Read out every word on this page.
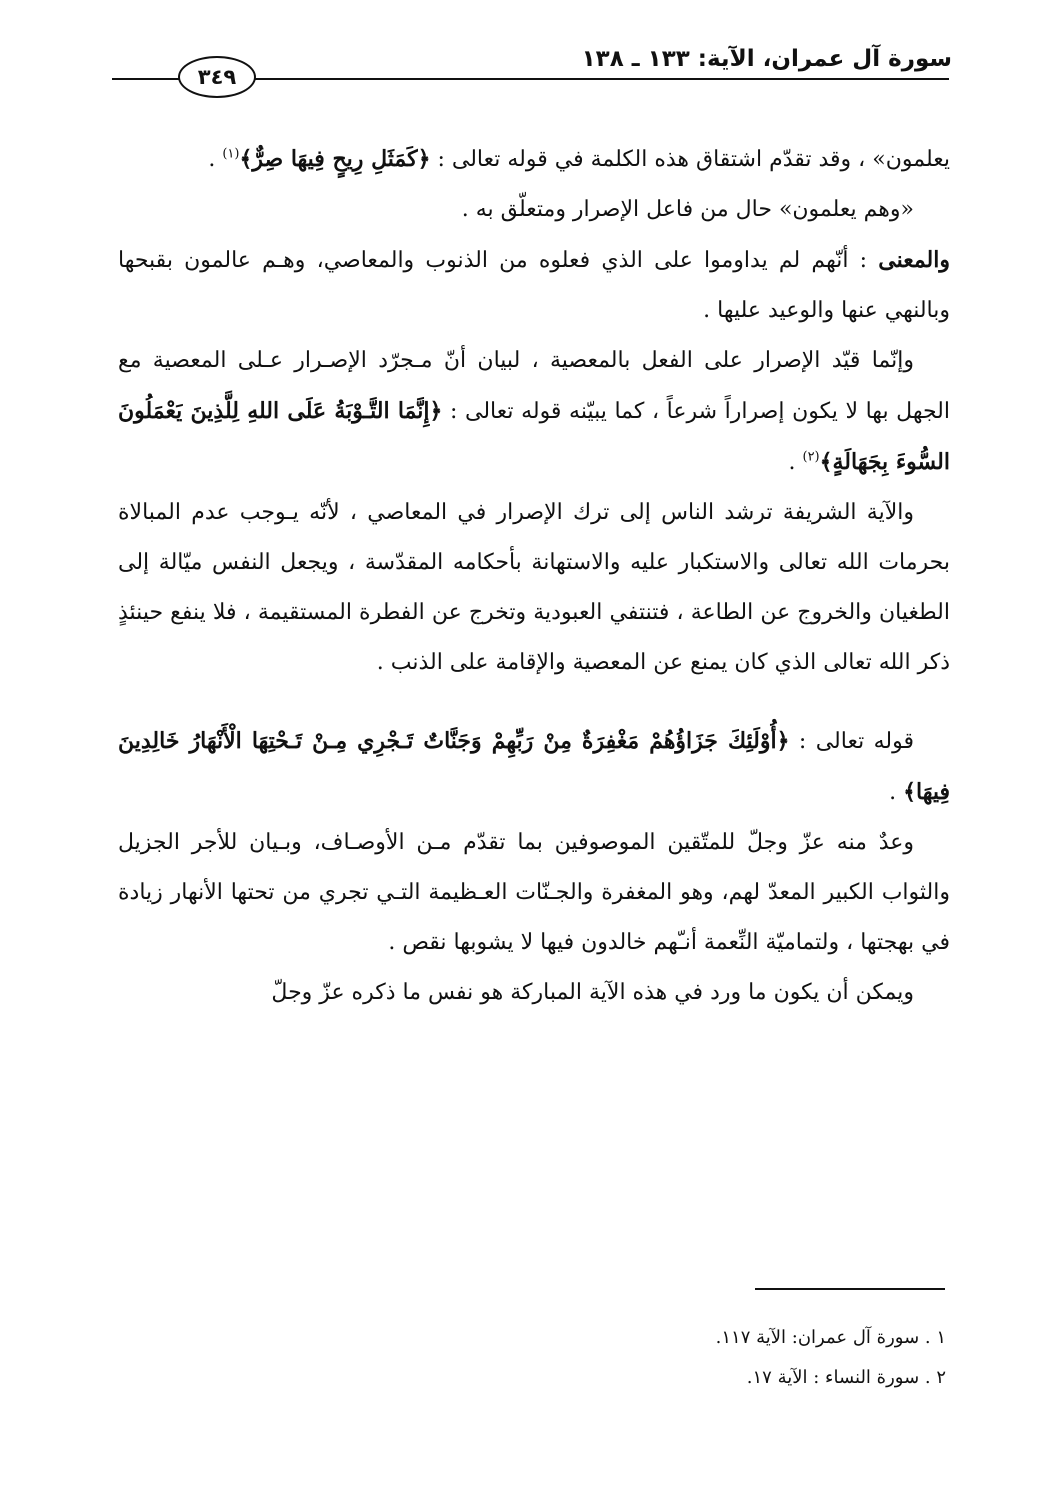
سورة آل عمران، الآية: ١٣٣ ـ ١٣٨
٣٤٩

يعلمون» ، وقد تقدّم اشتقاق هذه الكلمة في قوله تعالى : ﴿كَمَثَلِ رِيحٍ فِيهَا صِرٌّ﴾$^{(١)}$ .

«وهم يعلمون» حال من فاعل الإصرار ومتعلّق به .

والمعنى : أنّهم لم يداوموا على الذي فعلوه من الذنوب والمعاصي، وهـم عالمون بقبحها وبالنهي عنها والوعيد عليها .

وإنّما قيّد الإصرار على الفعل بالمعصية ، لبيان أنّ مـجرّد الإصـرار عـلى المعصية مع الجهل بها لا يكون إصراراً شرعاً ، كما يبيّنه قوله تعالى : ﴿إِنَّمَا التَّـوْبَةُ عَلَى اللهِ لِلَّذِينَ يَعْمَلُونَ السُّوءَ بِجَهَالَةٍ﴾$^{(٢)}$ .

والآية الشريفة ترشد الناس إلى ترك الإصرار في المعاصي ، لأنّه يـوجب عدم المبالاة بحرمات الله تعالى والاستكبار عليه والاستهانة بأحكامه المقدّسة ، ويجعل النفس ميّالة إلى الطغيان والخروج عن الطاعة ، فتنتفي العبودية وتخرج عن الفطرة المستقيمة ، فلا ينفع حينئذٍ ذكر الله تعالى الذي كان يمنع عن المعصية والإقامة على الذنب .

قوله تعالى : ﴿أُوْلَئِكَ جَزَاؤُهُمْ مَغْفِرَةٌ مِنْ رَبِّهِمْ وَجَنَّاتٌ تَـجْرِي مِـنْ تَـحْتِهَا الْأَنْهَارُ خَالِدِينَ فِيهَا﴾ .

وعدٌ منه عزّ وجلّ للمتّقين الموصوفين بما تقدّم مـن الأوصـاف، وبـيان للأجر الجزيل والثواب الكبير المعدّ لهم، وهو المغفرة والجـنّات العـظيمة التـي تجري من تحتها الأنهار زيادة في بهجتها ، ولتماميّة النِّعمة أنـّهم خالدون فيها لا يشوبها نقص .

ويمكن أن يكون ما ورد في هذه الآية المباركة هو نفس ما ذكره عزّ وجلّ

١ . سورة آل عمران: الآية ١١٧.

٢ . سورة النساء : الآية ١٧.
